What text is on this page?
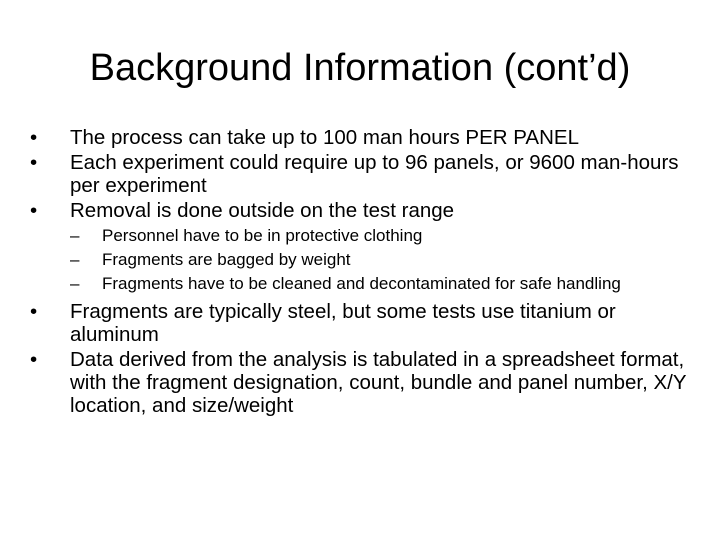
Background Information (cont’d)
•	The process can take up to 100 man hours PER PANEL
•	Each experiment could require up to 96 panels, or 9600 man-hours per experiment
•	Removal is done outside on the test range
–	Personnel have to be in protective clothing
–	Fragments are bagged by weight
–	Fragments have to be cleaned and decontaminated for safe handling
•	Fragments are typically steel, but some tests use titanium or aluminum
•	Data derived from the analysis is tabulated in a spreadsheet format, with the fragment designation, count, bundle and panel number, X/Y location, and size/weight
